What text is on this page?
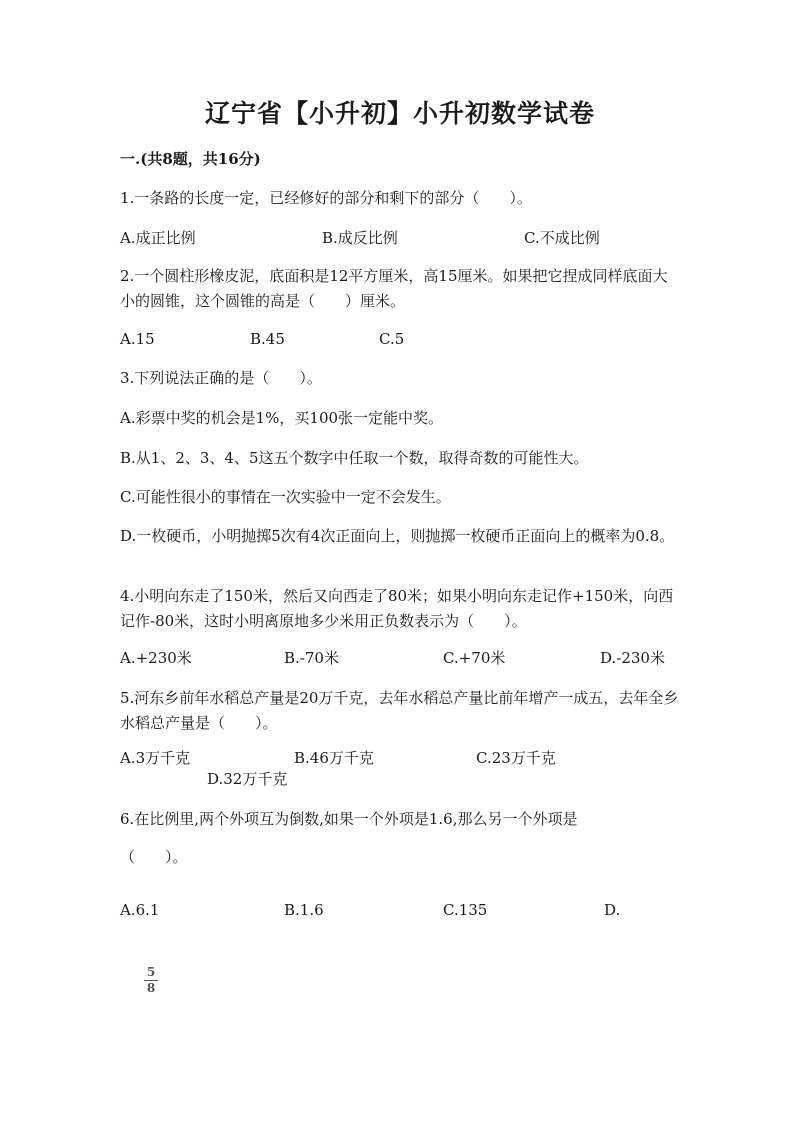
辽宁省【小升初】小升初数学试卷
一.(共8题，共16分)
1.一条路的长度一定，已经修好的部分和剩下的部分（　　）。
A.成正比例	B.成反比例	C.不成比例
2.一个圆柱形橡皮泥，底面积是12平方厘米，高15厘米。如果把它捏成同样底面大小的圆锥，这个圆锥的高是（　　）厘米。
A.15	B.45	C.5
3.下列说法正确的是（　　）。
A.彩票中奖的机会是1%，买100张一定能中奖。
B.从1、2、3、4、5这五个数字中任取一个数，取得奇数的可能性大。
C.可能性很小的事情在一次实验中一定不会发生。
D.一枚硬币，小明抛掷5次有4次正面向上，则抛掷一枚硬币正面向上的概率为0.8。
4.小明向东走了150米，然后又向西走了80米；如果小明向东走记作+150米，向西记作-80米，这时小明离原地多少米用正负数表示为（　　）。
A.+230米	B.-70米	C.+70米	D.-230米
5.河东乡前年水稻总产量是20万千克，去年水稻总产量比前年增产一成五，去年全乡水稻总产量是（　　）。
A.3万千克	B.46万千克	C.23万千克
D.32万千克
6.在比例里,两个外项互为倒数,如果一个外项是1.6,那么另一个外项是
（　　）。
A.6.1	B.1.6	C.135	D.
5
8
